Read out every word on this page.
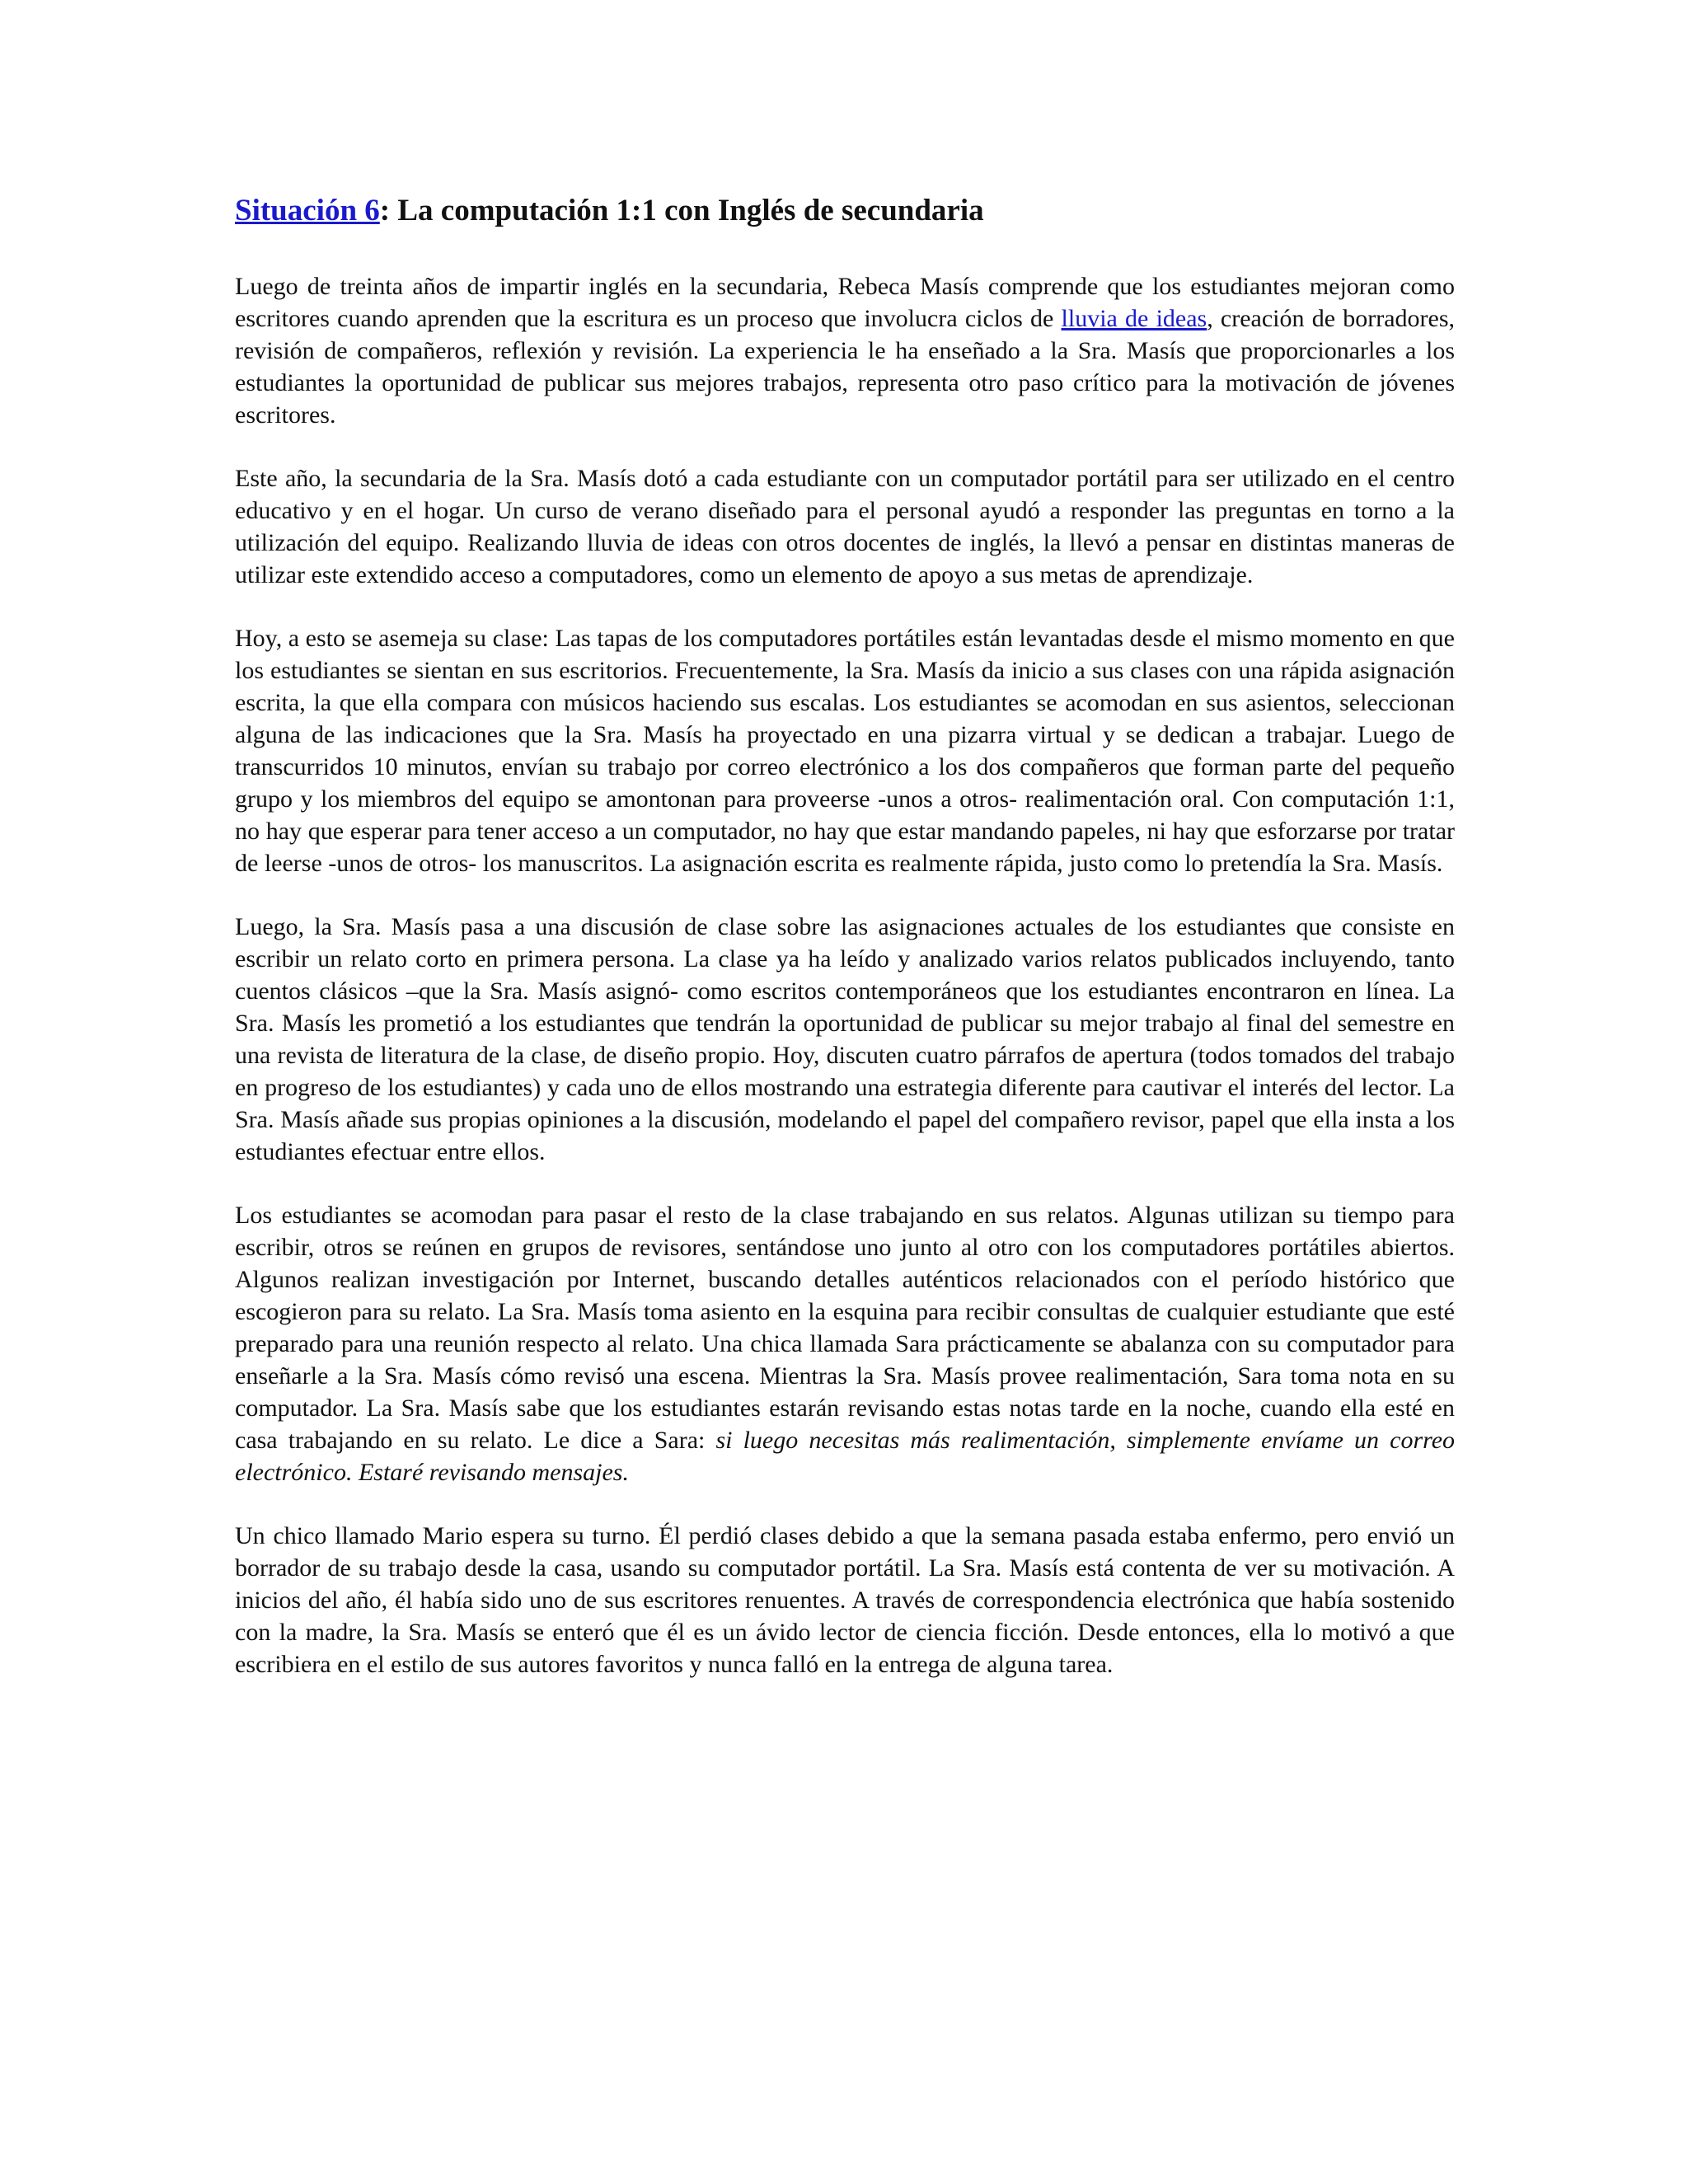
Situación 6: La computación 1:1 con Inglés de secundaria

Luego de treinta años de impartir inglés en la secundaria, Rebeca Masís comprende que los estudiantes mejoran como escritores cuando aprenden que la escritura es un proceso que involucra ciclos de lluvia de ideas, creación de borradores, revisión de compañeros, reflexión y revisión. La experiencia le ha enseñado a la Sra. Masís que proporcionarles a los estudiantes la oportunidad de publicar sus mejores trabajos, representa otro paso crítico para la motivación de jóvenes escritores.

Este año, la secundaria de la Sra. Masís dotó a cada estudiante con un computador portátil para ser utilizado en el centro educativo y en el hogar. Un curso de verano diseñado para el personal ayudó a responder las preguntas en torno a la utilización del equipo. Realizando lluvia de ideas con otros docentes de inglés, la llevó a pensar en distintas maneras de utilizar este extendido acceso a computadores, como un elemento de apoyo a sus metas de aprendizaje.

Hoy, a esto se asemeja su clase: Las tapas de los computadores portátiles están levantadas desde el mismo momento en que los estudiantes se sientan en sus escritorios. Frecuentemente, la Sra. Masís da inicio a sus clases con una rápida asignación escrita, la que ella compara con músicos haciendo sus escalas. Los estudiantes se acomodan en sus asientos, seleccionan alguna de las indicaciones que la Sra. Masís ha proyectado en una pizarra virtual y se dedican a trabajar. Luego de transcurridos 10 minutos, envían su trabajo por correo electrónico a los dos compañeros que forman parte del pequeño grupo y los miembros del equipo se amontonan para proveerse -unos a otros- realimentación oral. Con computación 1:1, no hay que esperar para tener acceso a un computador, no hay que estar mandando papeles, ni hay que esforzarse por tratar de leerse -unos de otros- los manuscritos. La asignación escrita es realmente rápida, justo como lo pretendía la Sra. Masís.

Luego, la Sra. Masís pasa a una discusión de clase sobre las asignaciones actuales de los estudiantes que consiste en escribir un relato corto en primera persona. La clase ya ha leído y analizado varios relatos publicados incluyendo, tanto cuentos clásicos –que la Sra. Masís asignó- como escritos contemporáneos que los estudiantes encontraron en línea. La Sra. Masís les prometió a los estudiantes que tendrán la oportunidad de publicar su mejor trabajo al final del semestre en una revista de literatura de la clase, de diseño propio. Hoy, discuten cuatro párrafos de apertura (todos tomados del trabajo en progreso de los estudiantes) y cada uno de ellos mostrando una estrategia diferente para cautivar el interés del lector. La Sra. Masís añade sus propias opiniones a la discusión, modelando el papel del compañero revisor, papel que ella insta a los estudiantes efectuar entre ellos.

Los estudiantes se acomodan para pasar el resto de la clase trabajando en sus relatos. Algunas utilizan su tiempo para escribir, otros se reúnen en grupos de revisores, sentándose uno junto al otro con los computadores portátiles abiertos. Algunos realizan investigación por Internet, buscando detalles auténticos relacionados con el período histórico que escogieron para su relato. La Sra. Masís toma asiento en la esquina para recibir consultas de cualquier estudiante que esté preparado para una reunión respecto al relato. Una chica llamada Sara prácticamente se abalanza con su computador para enseñarle a la Sra. Masís cómo revisó una escena. Mientras la Sra. Masís provee realimentación, Sara toma nota en su computador. La Sra. Masís sabe que los estudiantes estarán revisando estas notas tarde en la noche, cuando ella esté en casa trabajando en su relato. Le dice a Sara: si luego necesitas más realimentación, simplemente envíame un correo electrónico. Estaré revisando mensajes.

Un chico llamado Mario espera su turno. Él perdió clases debido a que la semana pasada estaba enfermo, pero envió un borrador de su trabajo desde la casa, usando su computador portátil. La Sra. Masís está contenta de ver su motivación. A inicios del año, él había sido uno de sus escritores renuentes. A través de correspondencia electrónica que había sostenido con la madre, la Sra. Masís se enteró que él es un ávido lector de ciencia ficción. Desde entonces, ella lo motivó a que escribiera en el estilo de sus autores favoritos y nunca falló en la entrega de alguna tarea.
